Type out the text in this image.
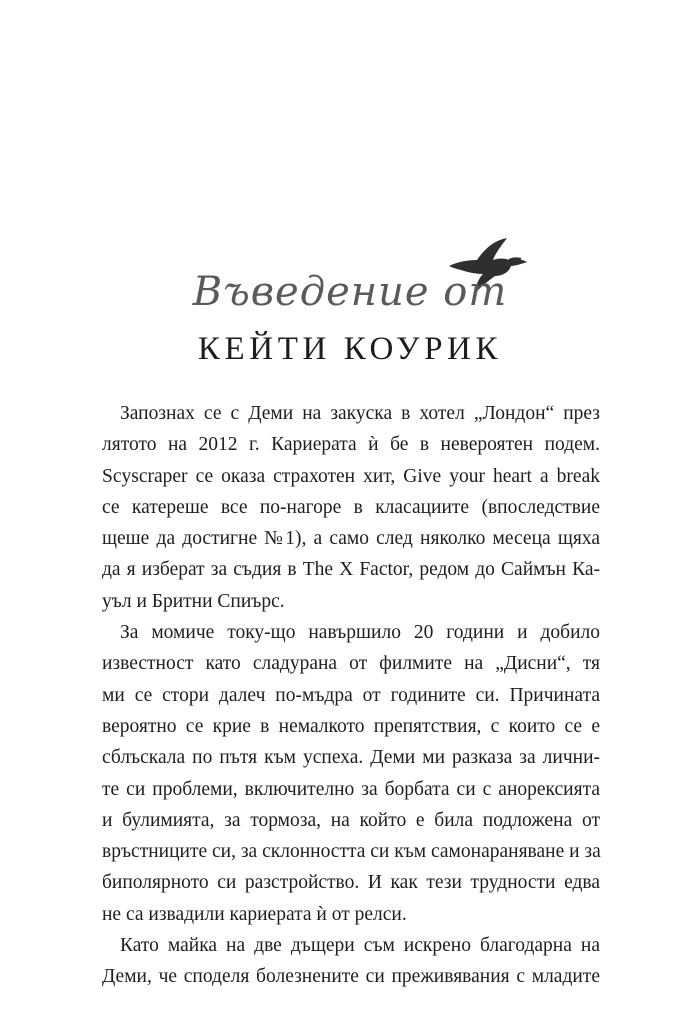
Въведение от
КЕЙТИ КОУРИК
Запознах се с Деми на закуска в хотел „Лондон“ през
лятото на 2012 г. Кариерата ѝ бе в невероятен подем.
Scyscraper се оказа страхотен хит, Give your heart a break
се катереше все по-нагоре в класациите (впоследствие
щеше да достигне №1), а само след няколко месеца щяха
да я изберат за съдия в The X Factor, редом до Саймън Ка-
уъл и Бритни Спиърс.
За момиче току-що навършило 20 години и добило
известност като сладурана от филмите на „Дисни“, тя
ми се стори далеч по-мъдра от годините си. Причината
вероятно се крие в немалкото препятствия, с които се е
сблъскала по пътя към успеха. Деми ми разказа за лични-
те си проблеми, включително за борбата си с анорексията
и булимията, за тормоза, на който е била подложена от
връстниците си, за склонността си към самонараняване и за
биполярното си разстройство. И как тези трудности едва
не са извадили кариерата ѝ от релси.
Като майка на две дъщери съм искрено благодарна на
Деми, че споделя болезнените си преживявания с младите
